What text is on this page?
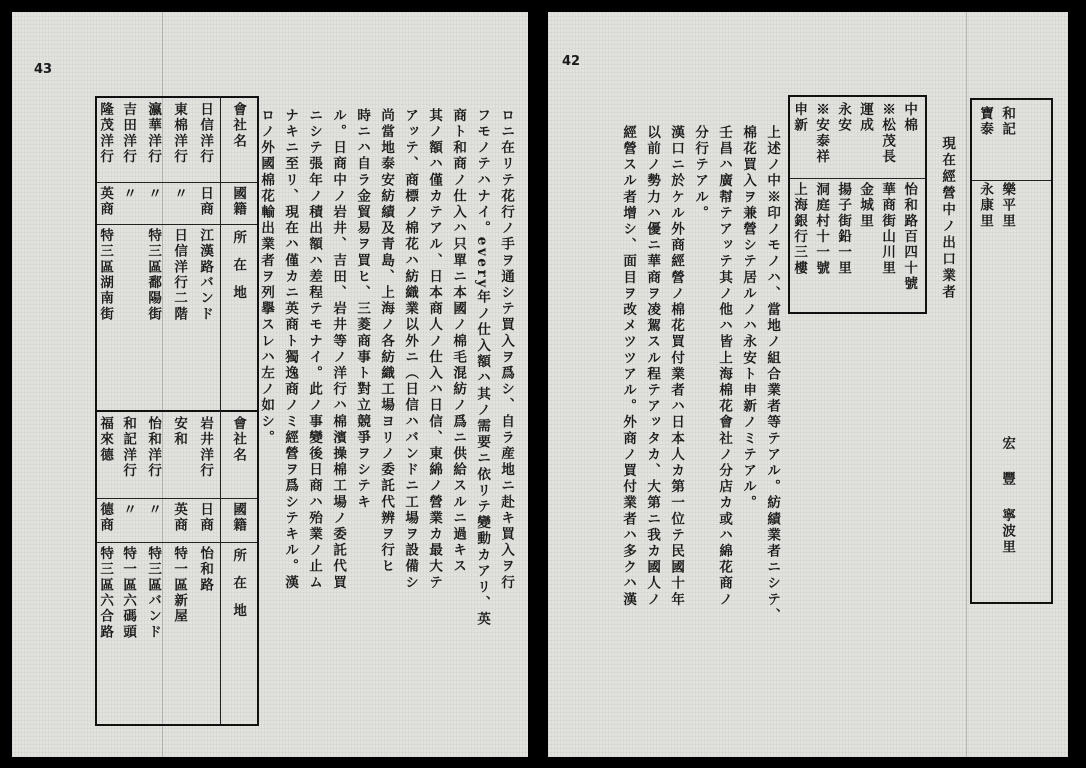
43
會社名
國籍
所在地
日信洋行
日商
江漢路バンド
東棉洋行
〃
日信洋行二階
瀛華洋行
〃
特三區鄱陽街
吉田洋行
〃
隆茂洋行
英商
特三區湖南街
會社名
國籍
所在地
岩井洋行
日商
怡和路
安和
英商
特一區新屋
怡和洋行
〃
特三區バンド
和記洋行
〃
特一區六碼頭
福來德
德商
特三區六合路
ロニ在リテ花行ノ手ヲ通シテ買入ヲ爲シ、自ラ産地ニ赴キ買入ヲ行
フモノテハナイ。every年ノ仕入額ハ其ノ需要ニ依リテ變動カアリ、英
商ト和商ノ仕入ハ只單ニ本國ノ棉毛混紡ノ爲ニ供給スルニ過キス
其ノ額ハ僅カテアル、日本商人ノ仕入ハ日信、東綿ノ營業カ最大テ
アッテ、商標ノ棉花ハ紡織業以外ニ（日信ハバンドニ工場ヲ設備シ
尚當地泰安紡績及青島、上海ノ各紡織工場ヨリノ委託代辨ヲ行ヒ
時ニハ自ラ金貿易ヲ買ヒ、三菱商事ト對立競爭ヲシテキ
ル。日商中ノ岩井、吉田、岩井等ノ洋行ハ棉濱操棉工場ノ委託代買
ニシテ張年ノ積出額ハ差程テモナイ。此ノ事變後日商ハ殆業ノ止ム
ナキニ至リ、現在ハ僅カニ英商ト獨逸商ノミ經營ヲ爲シテキル。漢
ロノ外國棉花輸出業者ヲ列擧スレハ左ノ如シ。
42
上述ノ中※印ノモノハ、當地ノ組合業者等テアル。紡績業者ニシテ、
棉花買入ヲ兼營シテ居ルノハ永安ト申新ノミテアル。
壬昌ハ廣幇テアッテ其ノ他ハ皆上海棉花會社ノ分店カ或ハ綿花商ノ
分行テアル。
漢口ニ於ケル外商經營ノ棉花買付業者ハ日本人カ第一位テ民國十年
以前ノ勢力ハ優ニ華商ヲ凌駕スル程テアッタカ、大第ニ我カ國人ノ
經營スル者增シ、面目ヲ改メツツアル。外商ノ買付業者ハ多クハ漢	現在經營中ノ出口業者
中棉
怡和路百四十號
※松茂長
華商街山川里
運成
金城里
永安
揚子街鉛一里
※安泰祥
洞庭村十一號
申新
上海銀行三樓
和記
樂平里
寶泰
永康里
宏豐
寧波里
